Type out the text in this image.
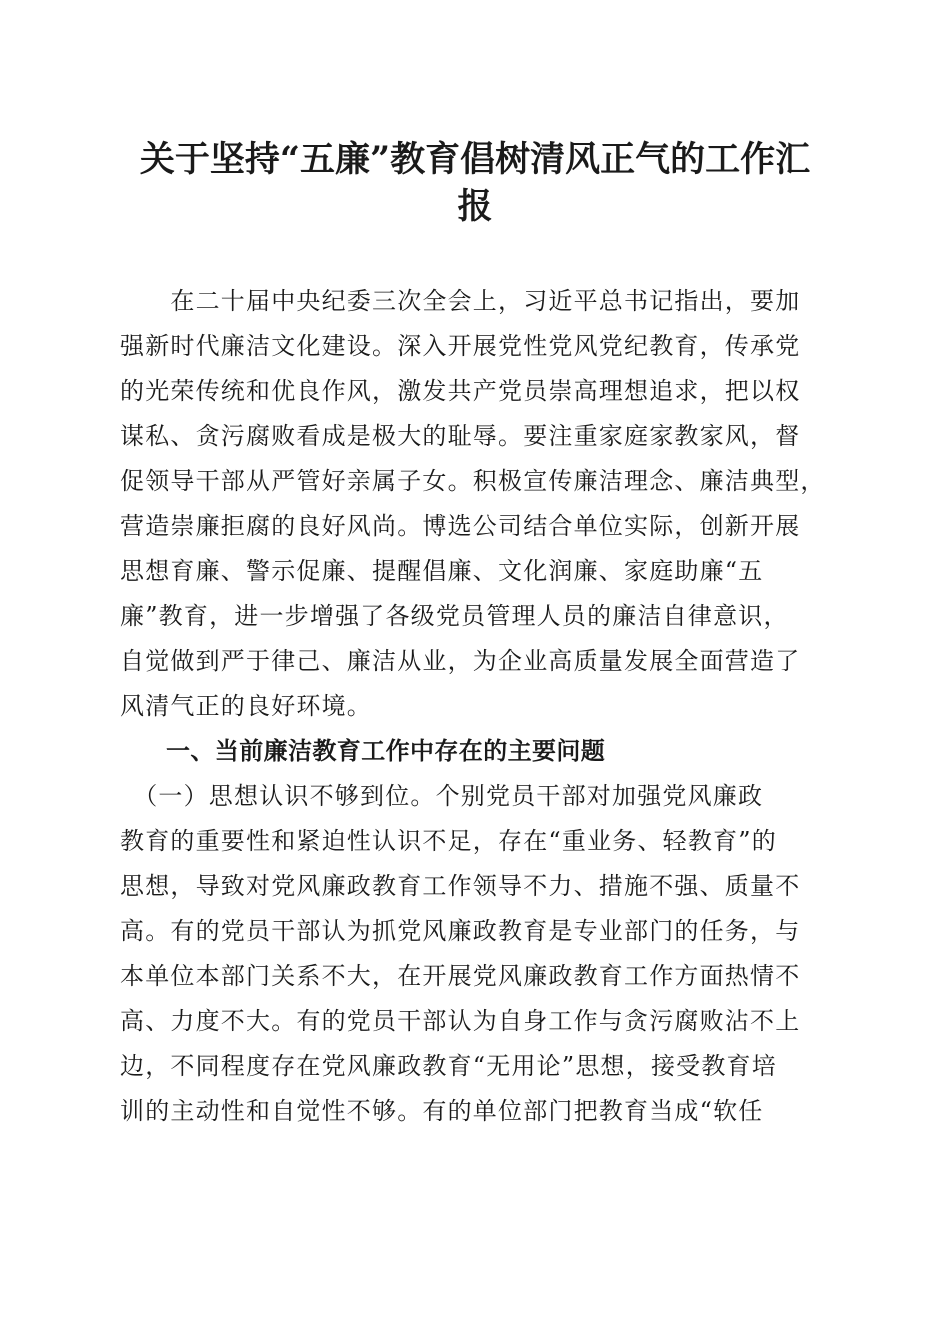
关于坚持“五廉”教育倡树清风正气的工作汇
报
　　在二十届中央纪委三次全会上，习近平总书记指出，要加
强新时代廉洁文化建设。深入开展党性党风党纪教育，传承党
的光荣传统和优良作风，激发共产党员崇高理想追求，把以权
谋私、贪污腐败看成是极大的耻辱。要注重家庭家教家风，督
促领导干部从严管好亲属子女。积极宣传廉洁理念、廉洁典型，
营造崇廉拒腐的良好风尚。博选公司结合单位实际，创新开展
思想育廉、警示促廉、提醒倡廉、文化润廉、家庭助廉“五
廉”教育，进一步增强了各级党员管理人员的廉洁自律意识，
自觉做到严于律己、廉洁从业，为企业高质量发展全面营造了
风清气正的良好环境。
一、当前廉洁教育工作中存在的主要问题
　（一）思想认识不够到位。个别党员干部对加强党风廉政
教育的重要性和紧迫性认识不足，存在“重业务、轻教育”的
思想，导致对党风廉政教育工作领导不力、措施不强、质量不
高。有的党员干部认为抓党风廉政教育是专业部门的任务，与
本单位本部门关系不大，在开展党风廉政教育工作方面热情不
高、力度不大。有的党员干部认为自身工作与贪污腐败沾不上
边，不同程度存在党风廉政教育“无用论”思想，接受教育培
训的主动性和自觉性不够。有的单位部门把教育当成“软任
